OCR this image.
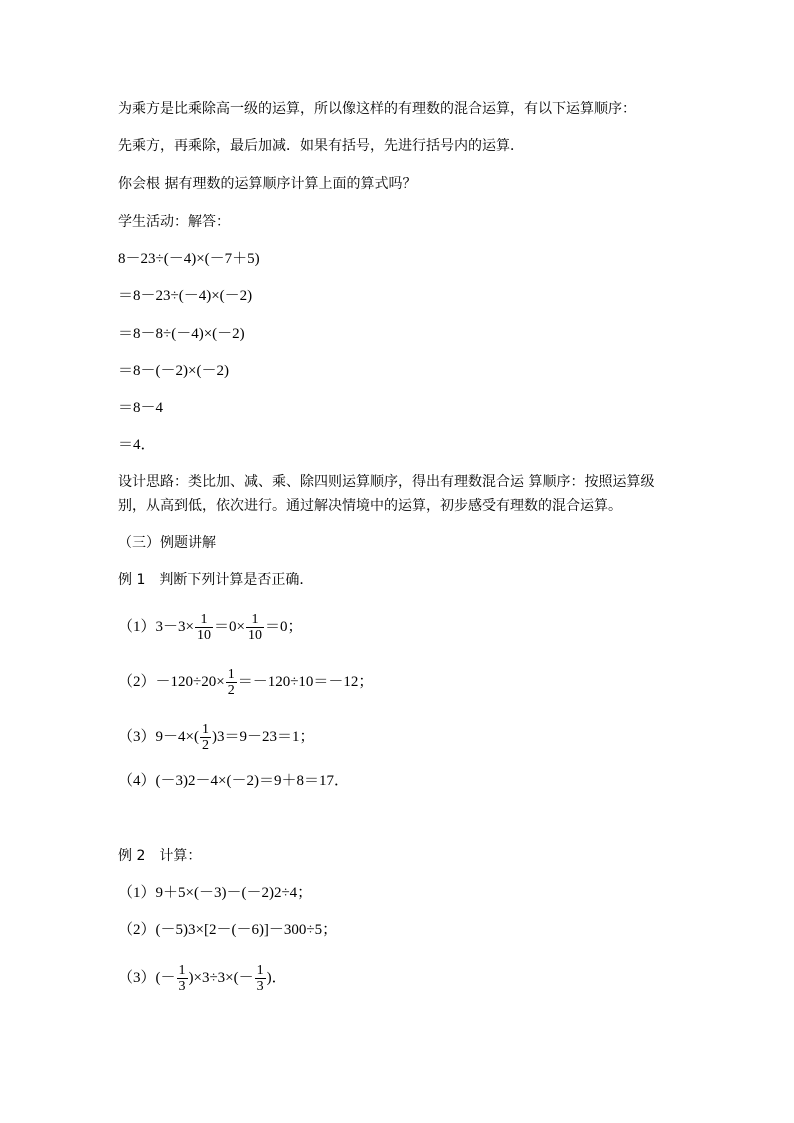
为乘方是比乘除高一级的运算，所以像这样的有理数的混合运算，有以下运算顺序：
先乘方，再乘除，最后加减．如果有括号，先进行括号内的运算．
你会根 据有理数的运算顺序计算上面的算式吗？
学生活动：解答：
8－23÷(－4)×(－7＋5)
＝8－23÷(－4)×(－2)
＝8－8÷(－4)×(－2)
＝8－(－2)×(－2)
＝8－4
＝4．
设计思路：类比加、减、乘、除四则运算顺序，得出有理数混合运 算顺序：按照运算级别，从高到低，依次进行。通过解决情境中的运算，初步感受有理数的混合运算。
（三）例题讲解
例 1　判断下列计算是否正确．
$(1)3-3\times \frac{1}{10} =0\times \frac{1}{10} =0$；
$(2)-120\div 20\times \frac{1}{2} =-120\div 10=-12$；
$(3)9-4\times( \frac{1}{2} )3=9-23=1$；
（4）(－3)2－4×(－2)＝9＋8＝17．
例 2　计算：
（1）9＋5×(－3)－(－2)2÷4；
（2）(－5)3×[2－(－6)]－300÷5；
$(3)(- \frac{1}{3} )\times 3\div 3\times(- \frac{1}{3}$ )．
